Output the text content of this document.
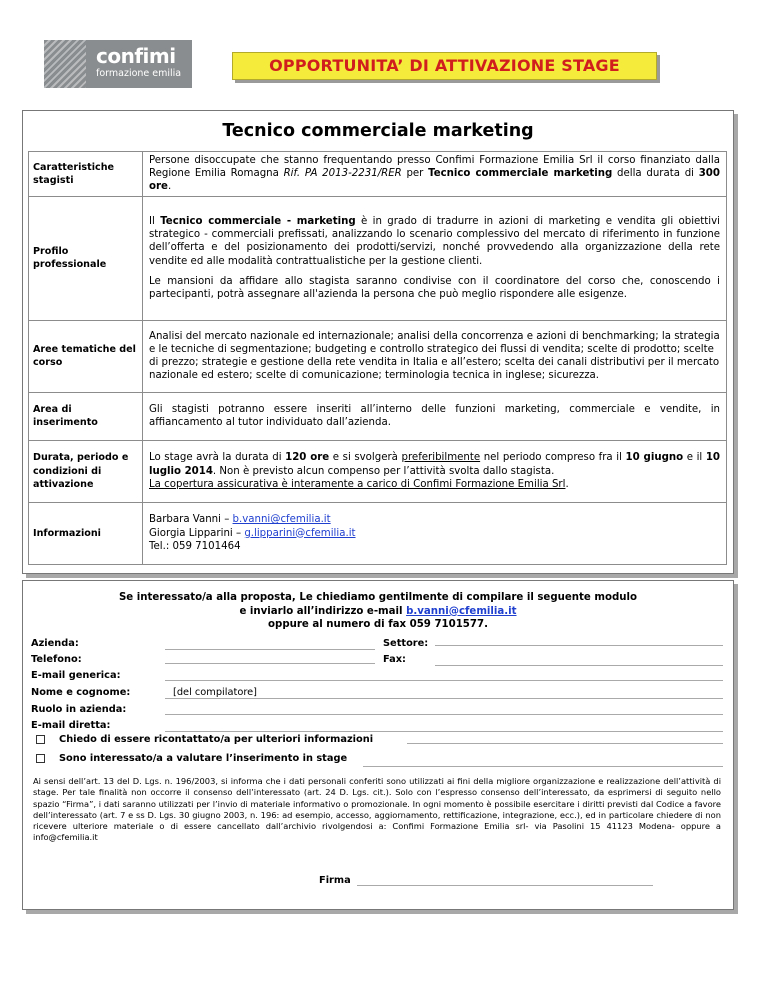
confimi
formazione emilia	OPPORTUNITA’ DI ATTIVAZIONE STAGE
Tecnico commerciale marketing
Caratteristiche stagisti	Persone disoccupate che stanno frequentando presso Confimi Formazione Emilia Srl il corso finanziato dalla Regione Emilia Romagna Rif. PA 2013-2231/RER per Tecnico commerciale marketing della durata di 300 ore.
Profilo professionale	Il Tecnico commerciale - marketing è in grado di tradurre in azioni di marketing e vendita gli obiettivi strategico - commerciali prefissati, analizzando lo scenario complessivo del mercato di riferimento in funzione dell’offerta e del posizionamento dei prodotti/servizi, nonché provvedendo alla organizzazione della rete vendite ed alle modalità contrattualistiche per la gestione clienti.

Le mansioni da affidare allo stagista saranno condivise con il coordinatore del corso che, conoscendo i partecipanti, potrà assegnare all'azienda la persona che può meglio rispondere alle esigenze.

Aree tematiche del corso	Analisi del mercato nazionale ed internazionale; analisi della concorrenza e azioni di benchmarking; la strategia e le tecniche di segmentazione; budgeting e controllo strategico dei flussi di vendita; scelte di prodotto; scelte di prezzo; strategie e gestione della rete vendita in Italia e all’estero; scelta dei canali distributivi per il mercato nazionale ed estero; scelte di comunicazione; terminologia tecnica in inglese; sicurezza.
Area di inserimento	Gli stagisti potranno essere inseriti all’interno delle funzioni marketing, commerciale e vendite, in affiancamento al tutor individuato dall’azienda.
Durata, periodo e condizioni di attivazione	Lo stage avrà la durata di 120 ore e si svolgerà preferibilmente nel periodo compreso fra il 10 giugno e il 10 luglio 2014. Non è previsto alcun compenso per l’attività svolta dallo stagista.
La copertura assicurativa è interamente a carico di Confimi Formazione Emilia Srl.
Informazioni	Barbara Vanni – b.vanni@cfemilia.it
Giorgia Lipparini – g.lipparini@cfemilia.it
Tel.: 059 7101464
Se interessato/a alla proposta, Le chiediamo gentilmente di compilare il seguente modulo
e inviarlo all’indirizzo e-mail b.vanni@cfemilia.it
oppure al numero di fax 059 7101577.
Azienda:	Settore:
Telefono:	Fax:
E-mail generica:
Nome e cognome:	[del compilatore]
Ruolo in azienda:
E-mail diretta:
Chiedo di essere ricontattato/a per ulteriori informazioni
Sono interessato/a a valutare l’inserimento in stage
Ai sensi dell’art. 13 del D. Lgs. n. 196/2003, si informa che i dati personali conferiti sono utilizzati ai fini della migliore organizzazione e realizzazione dell’attività di stage. Per tale finalità non occorre il consenso dell’interessato (art. 24 D. Lgs. cit.). Solo con l’espresso consenso dell’interessato, da esprimersi di seguito nello spazio “Firma”, i dati saranno utilizzati per l’invio di materiale informativo o promozionale. In ogni momento è possibile esercitare i diritti previsti dal Codice a favore dell’interessato (art. 7 e ss D. Lgs. 30 giugno 2003, n. 196: ad esempio, accesso, aggiornamento, rettificazione, integrazione, ecc.), ed in particolare chiedere di non ricevere ulteriore materiale o di essere cancellato dall’archivio rivolgendosi a: Confimi Formazione Emilia srl- via Pasolini 15 41123 Modena- oppure a info@cfemilia.it
Firma
